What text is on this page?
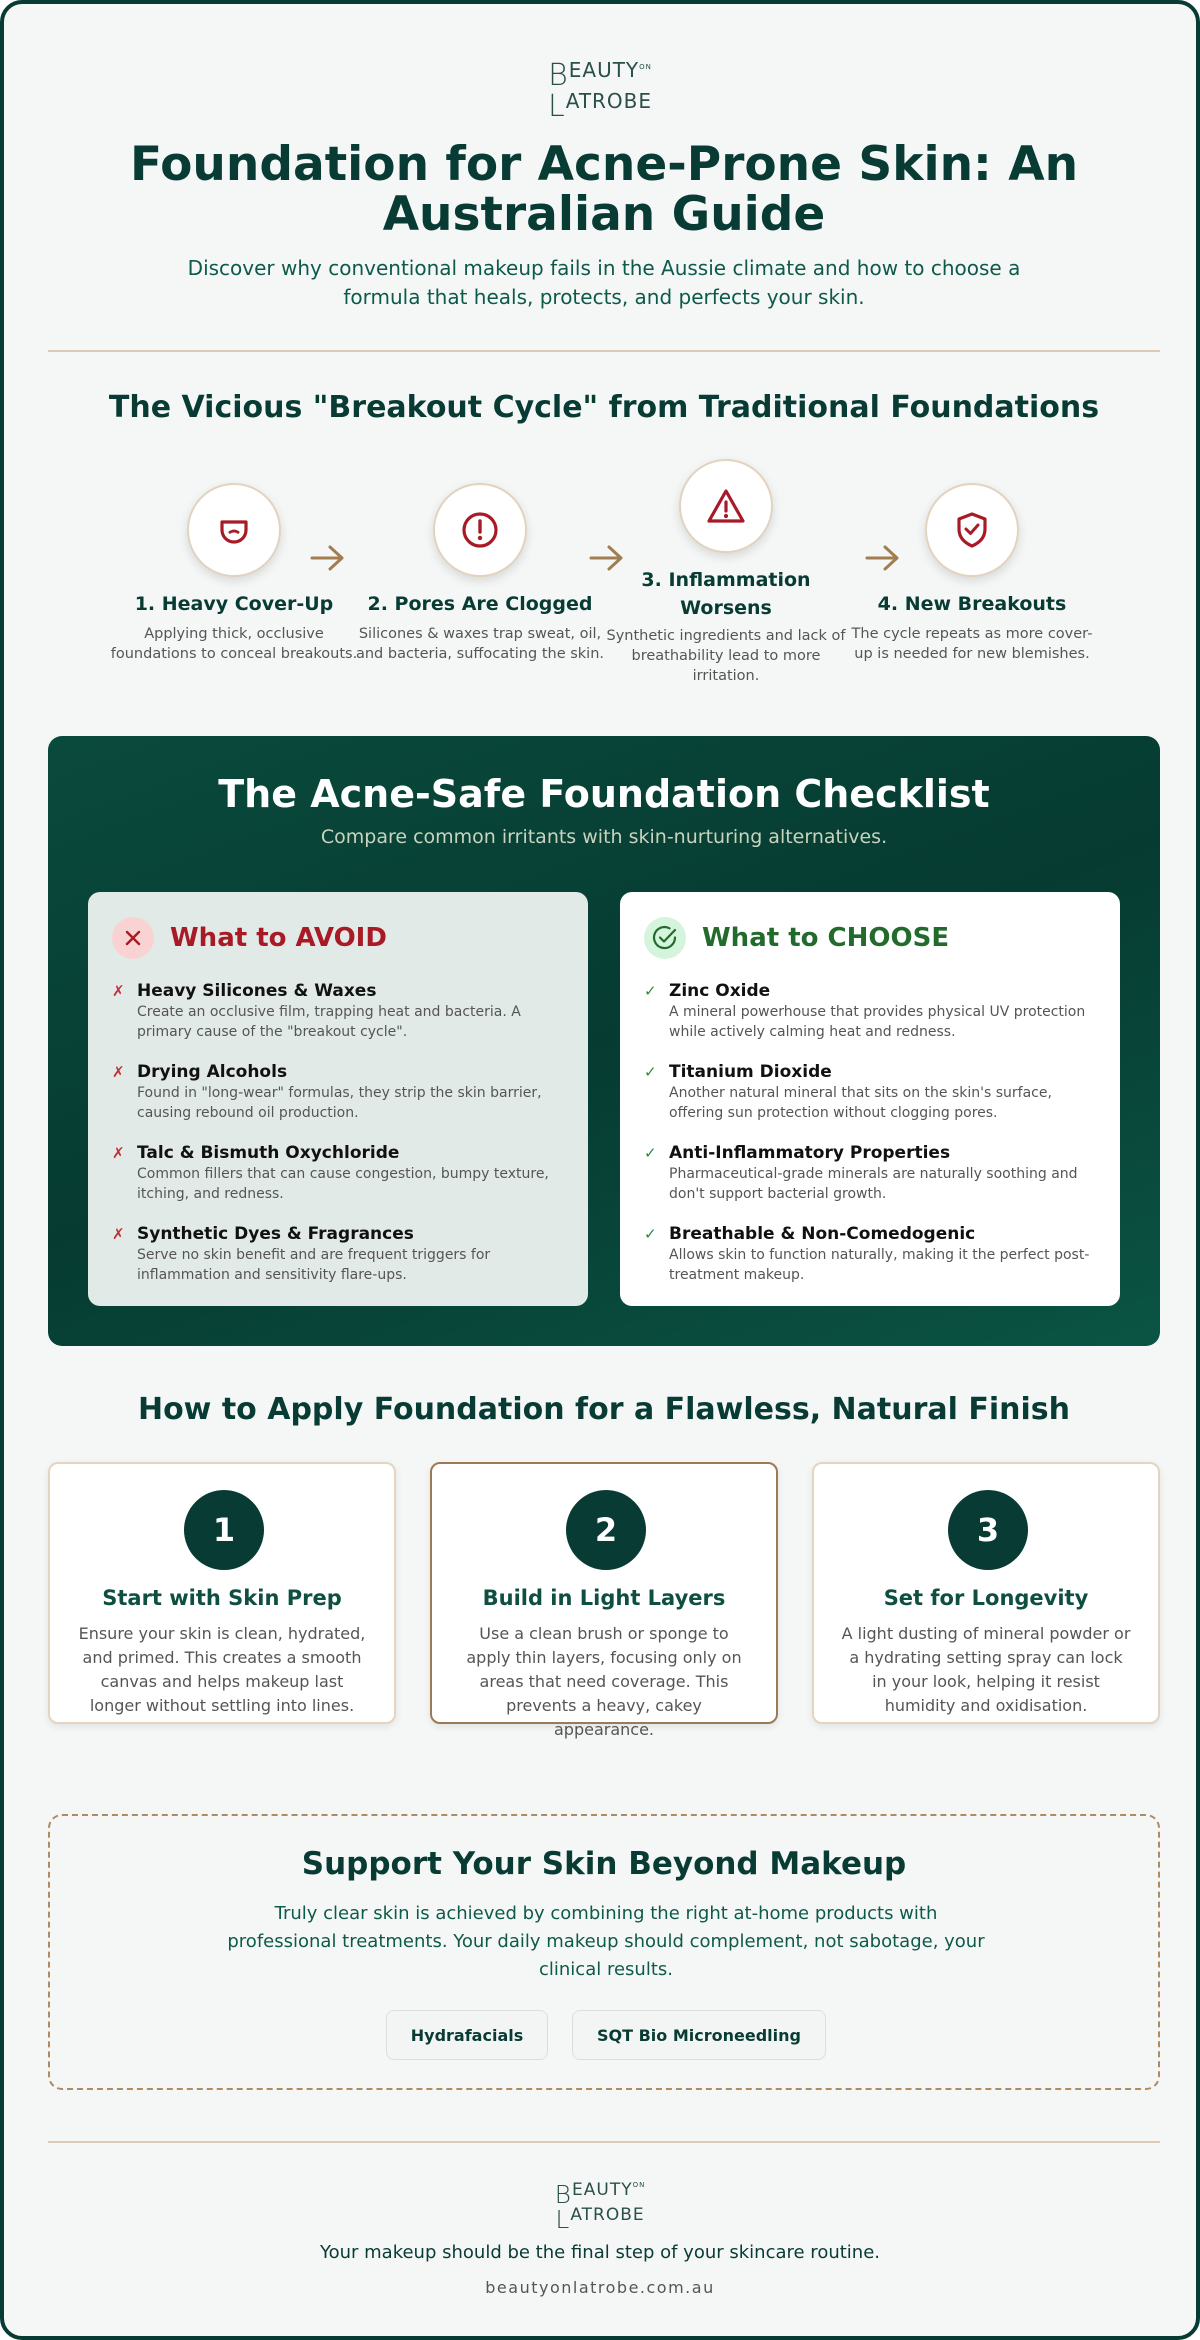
$BEAUTY^{ON}$
LATROBE
Foundation for Acne-Prone Skin: An Australian Guide

Discover why conventional makeup fails in the Aussie climate and how to choose a formula that heals, protects, and perfects your skin.

The Vicious "Breakout Cycle" from Traditional Foundations
1. Heavy Cover-Up
Applying thick, occlusive foundations to conceal breakouts.
2. Pores Are Clogged
Silicones & waxes trap sweat, oil, and bacteria, suffocating the skin.
3. Inflammation Worsens
Synthetic ingredients and lack of breathability lead to more irritation.
4. New Breakouts
The cycle repeats as more cover-up is needed for new blemishes.
The Acne-Safe Foundation Checklist

Compare common irritants with skin-nurturing alternatives.

What to AVOID
✗ Heavy Silicones & Waxes
Create an occlusive film, trapping heat and bacteria. A primary cause of the "breakout cycle".
✗ Drying Alcohols
Found in "long-wear" formulas, they strip the skin barrier, causing rebound oil production.
✗ Talc & Bismuth Oxychloride
Common fillers that can cause congestion, bumpy texture, itching, and redness.
✗ Synthetic Dyes & Fragrances
Serve no skin benefit and are frequent triggers for inflammation and sensitivity flare-ups.
What to CHOOSE
✓ Zinc Oxide
A mineral powerhouse that provides physical UV protection while actively calming heat and redness.
✓ Titanium Dioxide
Another natural mineral that sits on the skin's surface, offering sun protection without clogging pores.
✓ Anti-Inflammatory Properties
Pharmaceutical-grade minerals are naturally soothing and don't support bacterial growth.
✓ Breathable & Non-Comedogenic
Allows skin to function naturally, making it the perfect post-treatment makeup.
How to Apply Foundation for a Flawless, Natural Finish
1
Start with Skin Prep
Ensure your skin is clean, hydrated, and primed. This creates a smooth canvas and helps makeup last longer without settling into lines.
2
Build in Light Layers
Use a clean brush or sponge to apply thin layers, focusing only on areas that need coverage. This prevents a heavy, cakey appearance.
3
Set for Longevity
A light dusting of mineral powder or a hydrating setting spray can lock in your look, helping it resist humidity and oxidisation.
Support Your Skin Beyond Makeup

Truly clear skin is achieved by combining the right at-home products with professional treatments. Your daily makeup should complement, not sabotage, your clinical results.

Hydrafacials	SQT Bio Microneedling
$BEAUTY^{ON}$
LATROBE

Your makeup should be the final step of your skincare routine.

beautyonlatrobe.com.au
